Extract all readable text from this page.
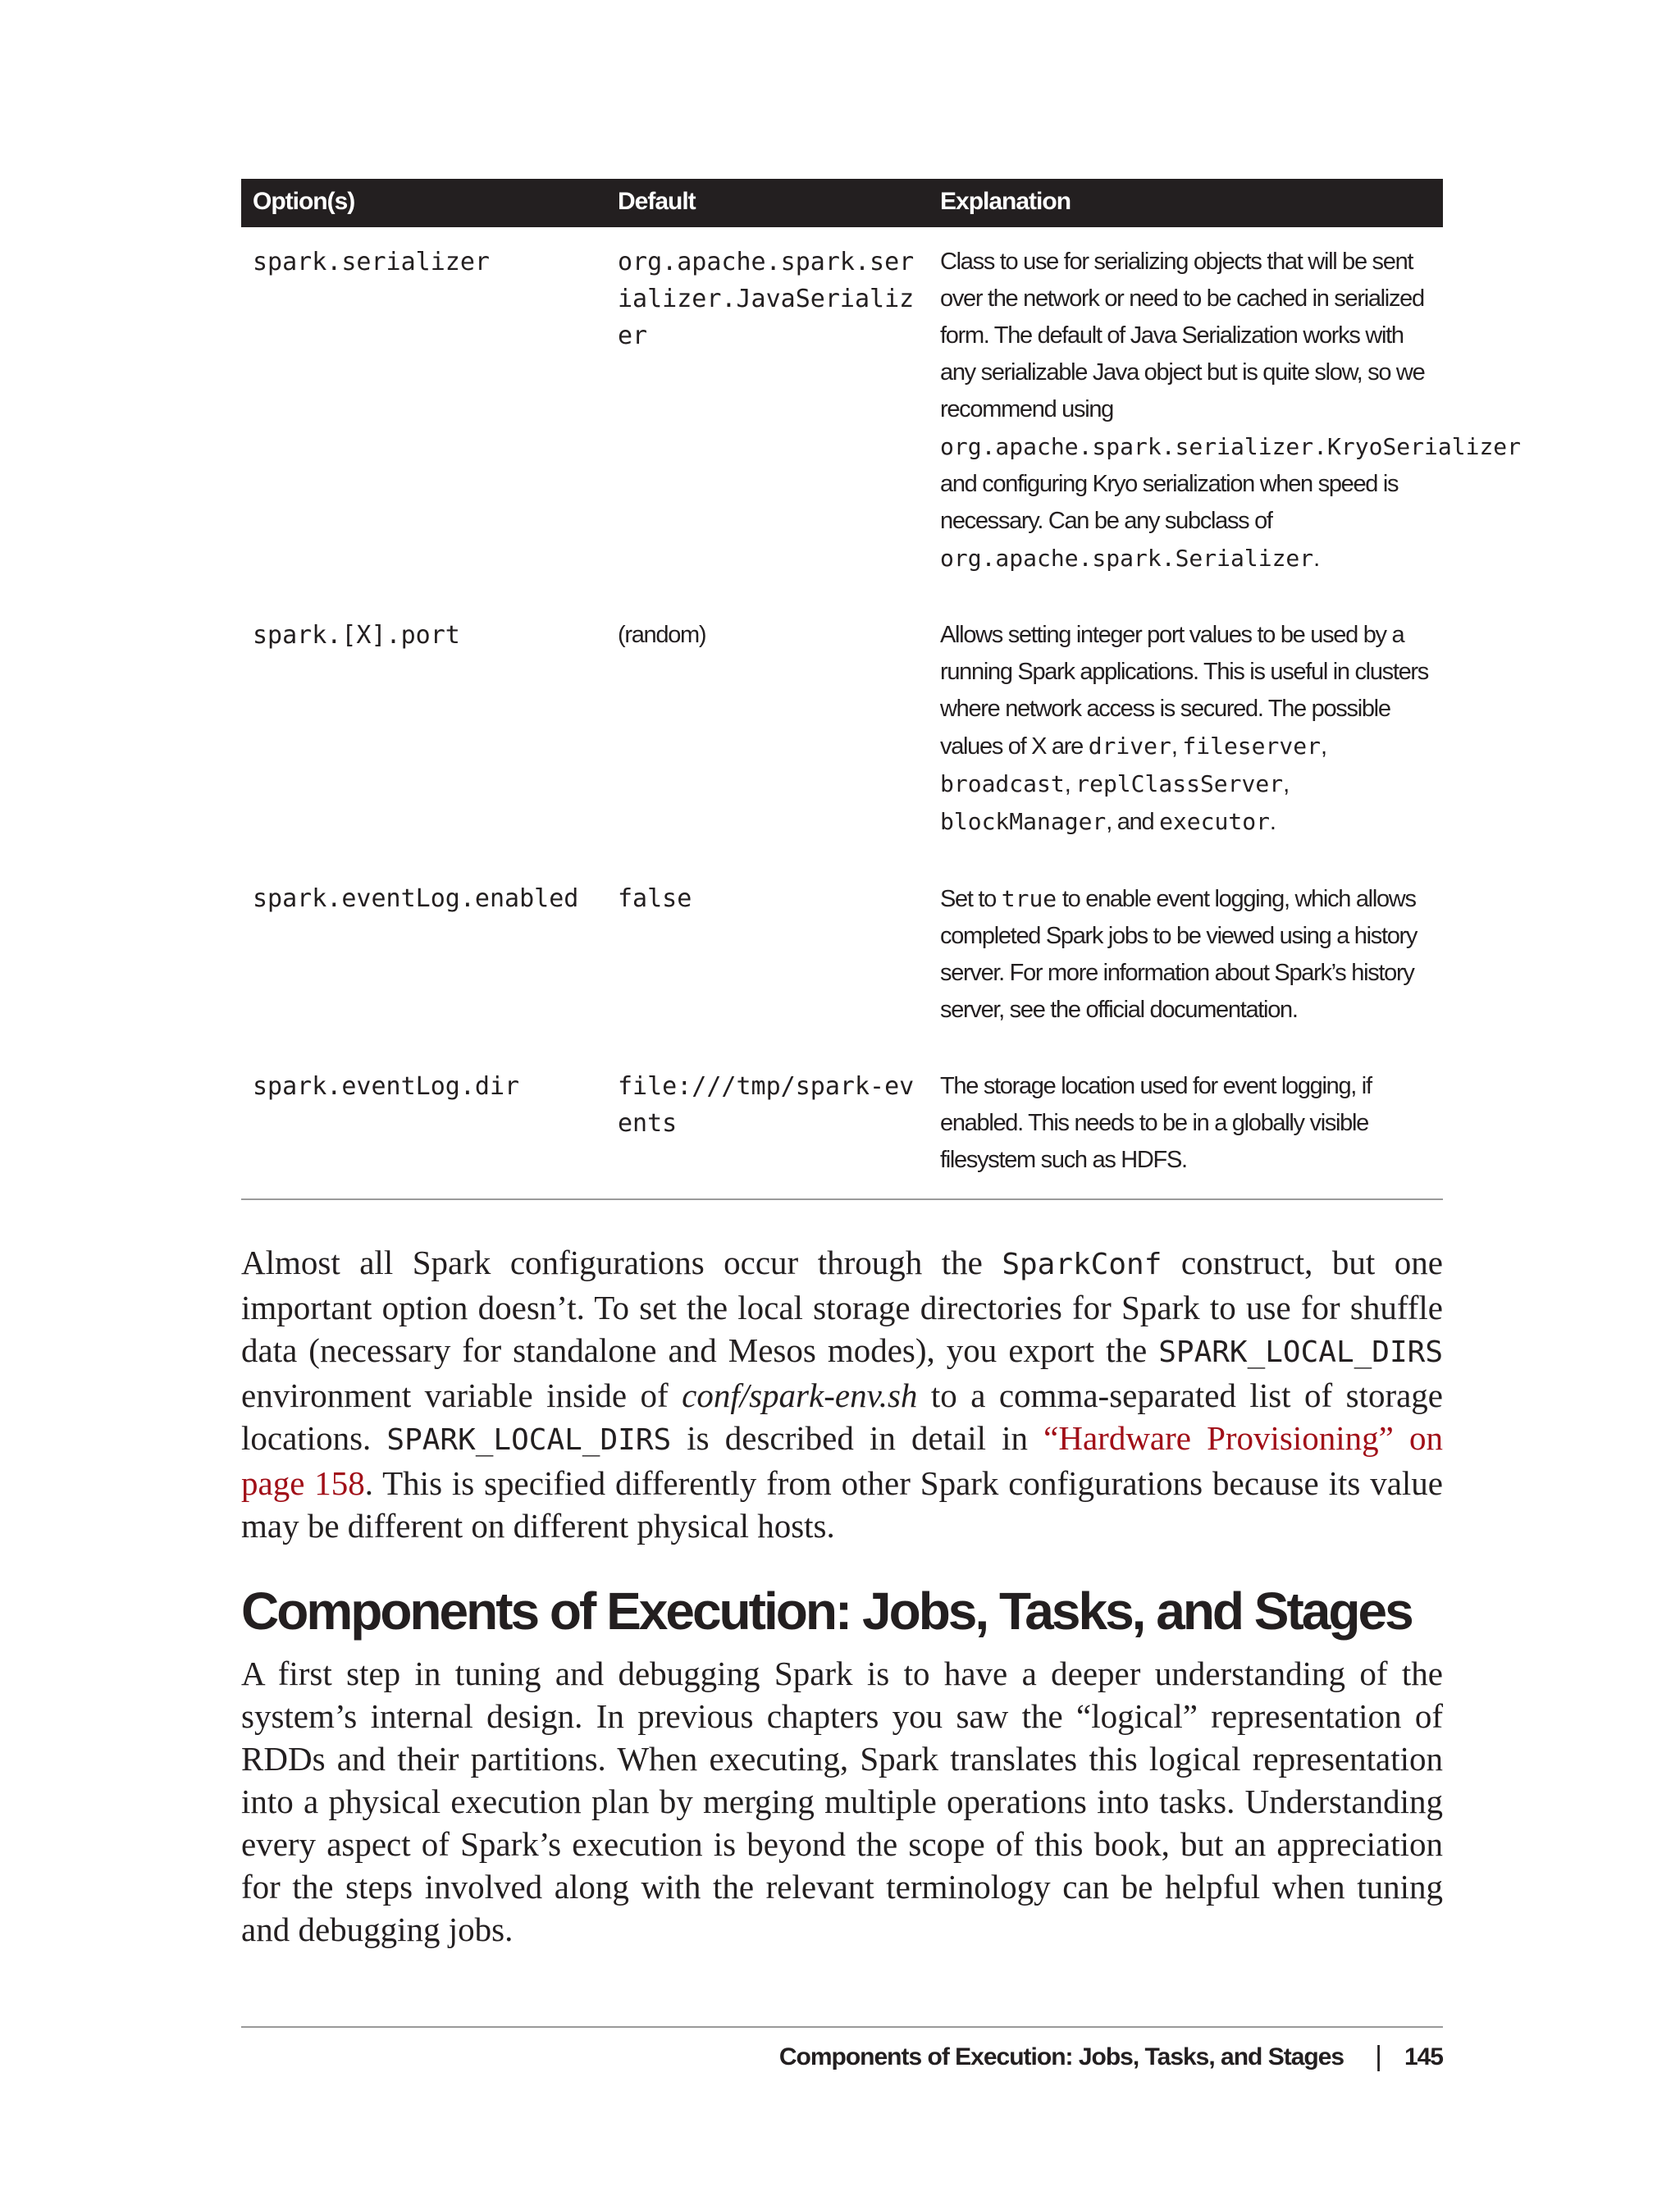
Option(s)	Default	Explanation
spark.serializer	org.apache.spark.serializer.JavaSerializer	Class to use for serializing objects that will be sent over the network or need to be cached in serialized form. The default of Java Serialization works with any serializable Java object but is quite slow, so we recommend using org.apache.spark.serializer.KryoSerializer and configuring Kryo serialization when speed is necessary. Can be any subclass of org.apache.spark.Serializer.
spark.[X].port	(random)	Allows setting integer port values to be used by a running Spark applications. This is useful in clusters where network access is secured. The possible values of X are driver, fileserver, broadcast, replClassServer, blockManager, and executor.
spark.eventLog.enabled	false	Set to true to enable event logging, which allows completed Spark jobs to be viewed using a history server. For more information about Spark’s history server, see the official documentation.
spark.eventLog.dir	file:///tmp/spark-events	The storage location used for event logging, if enabled. This needs to be in a globally visible filesystem such as HDFS.

Almost all Spark configurations occur through the SparkConf construct, but one important option doesn’t. To set the local storage directories for Spark to use for shuffle data (necessary for standalone and Mesos modes), you export the SPARK_LOCAL_DIRS environment variable inside of conf/spark-env.sh to a comma-separated list of storage locations. SPARK_LOCAL_DIRS is described in detail in “Hardware Provisioning” on page 158. This is specified differently from other Spark configurations because its value may be different on different physical hosts.

Components of Execution: Jobs, Tasks, and Stages

A first step in tuning and debugging Spark is to have a deeper understanding of the system’s internal design. In previous chapters you saw the “logical” representation of RDDs and their partitions. When executing, Spark translates this logical representation into a physical execution plan by merging multiple operations into tasks. Understanding every aspect of Spark’s execution is beyond the scope of this book, but an appreciation for the steps involved along with the relevant terminology can be helpful when tuning and debugging jobs.

Components of Execution: Jobs, Tasks, and Stages | 145
